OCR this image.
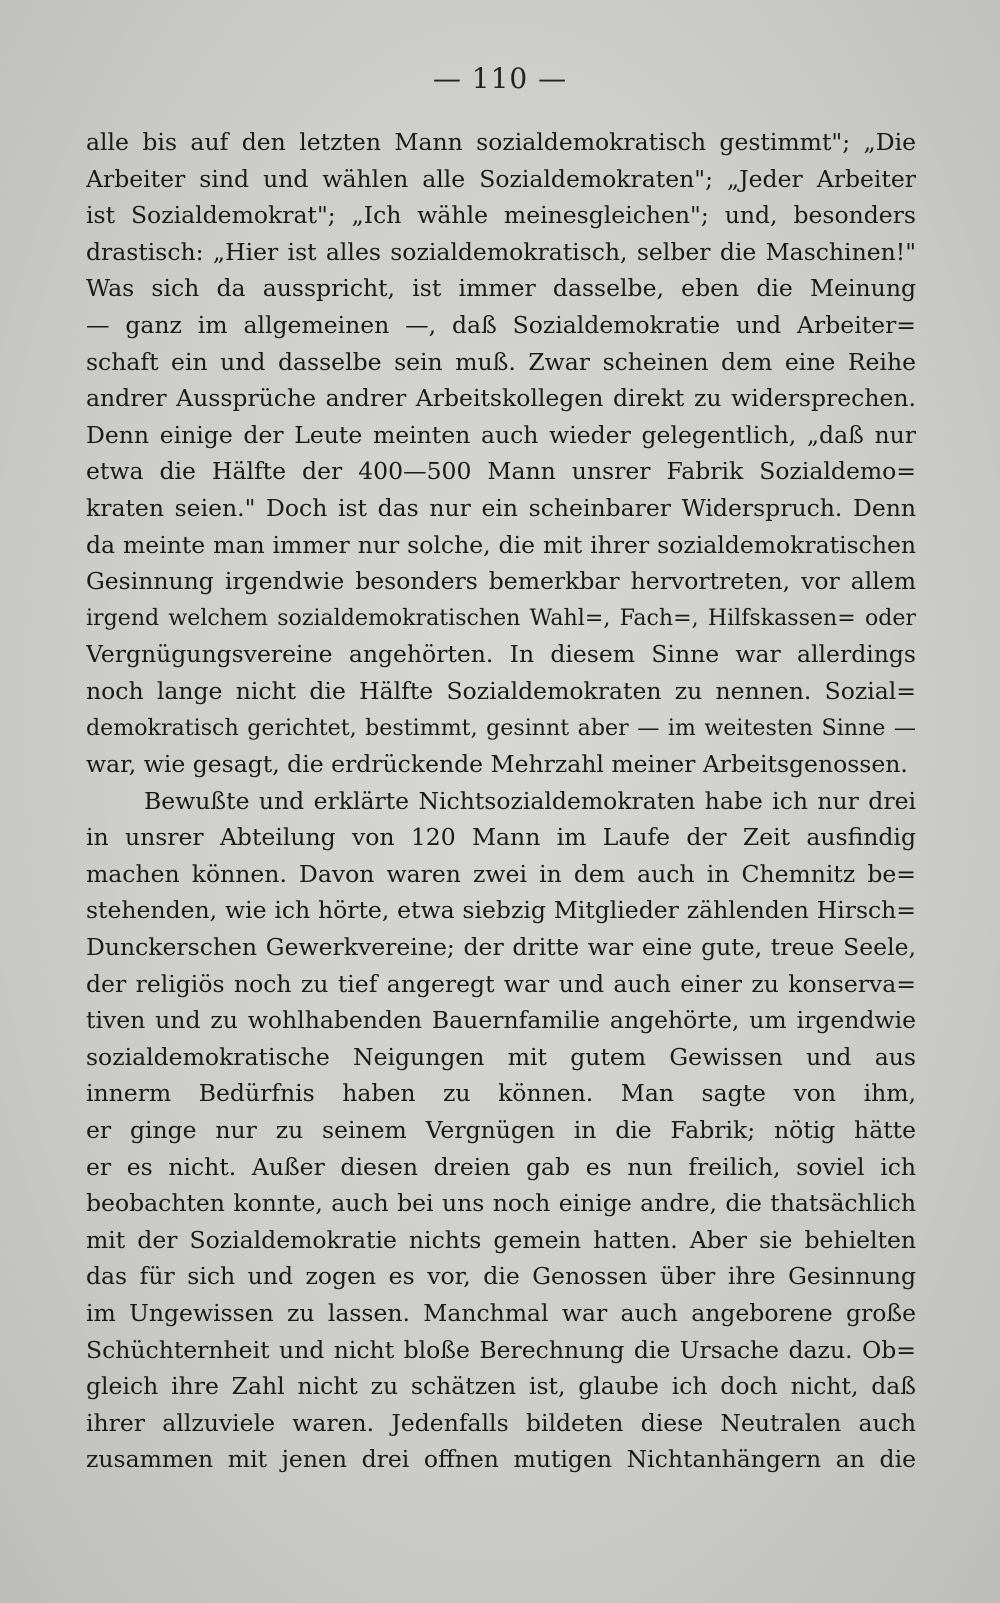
— 110 —
alle bis auf den letzten Mann sozialdemokratisch gestimmt"; „Die
Arbeiter sind und wählen alle Sozialdemokraten"; „Jeder Arbeiter
ist Sozialdemokrat"; „Ich wähle meinesgleichen"; und, besonders
drastisch: „Hier ist alles sozialdemokratisch, selber die Maschinen!"
Was sich da ausspricht, ist immer dasselbe, eben die Meinung
— ganz im allgemeinen —, daß Sozialdemokratie und Arbeiter=
schaft ein und dasselbe sein muß. Zwar scheinen dem eine Reihe
andrer Aussprüche andrer Arbeitskollegen direkt zu widersprechen.
Denn einige der Leute meinten auch wieder gelegentlich, „daß nur
etwa die Hälfte der 400—500 Mann unsrer Fabrik Sozialdemo=
kraten seien." Doch ist das nur ein scheinbarer Widerspruch. Denn
da meinte man immer nur solche, die mit ihrer sozialdemokratischen
Gesinnung irgendwie besonders bemerkbar hervortreten, vor allem
irgend welchem sozialdemokratischen Wahl=, Fach=, Hilfskassen= oder
Vergnügungsvereine angehörten. In diesem Sinne war allerdings
noch lange nicht die Hälfte Sozialdemokraten zu nennen. Sozial=
demokratisch gerichtet, bestimmt, gesinnt aber — im weitesten Sinne —
war, wie gesagt, die erdrückende Mehrzahl meiner Arbeitsgenossen.
Bewußte und erklärte Nichtsozialdemokraten habe ich nur drei
in unsrer Abteilung von 120 Mann im Laufe der Zeit ausfindig
machen können. Davon waren zwei in dem auch in Chemnitz be=
stehenden, wie ich hörte, etwa siebzig Mitglieder zählenden Hirsch=
Dunckerschen Gewerkvereine; der dritte war eine gute, treue Seele,
der religiös noch zu tief angeregt war und auch einer zu konserva=
tiven und zu wohlhabenden Bauernfamilie angehörte, um irgendwie
sozialdemokratische Neigungen mit gutem Gewissen und aus
innerm Bedürfnis haben zu können. Man sagte von ihm,
er ginge nur zu seinem Vergnügen in die Fabrik; nötig hätte
er es nicht. Außer diesen dreien gab es nun freilich, soviel ich
beobachten konnte, auch bei uns noch einige andre, die thatsächlich
mit der Sozialdemokratie nichts gemein hatten. Aber sie behielten
das für sich und zogen es vor, die Genossen über ihre Gesinnung
im Ungewissen zu lassen. Manchmal war auch angeborene große
Schüchternheit und nicht bloße Berechnung die Ursache dazu. Ob=
gleich ihre Zahl nicht zu schätzen ist, glaube ich doch nicht, daß
ihrer allzuviele waren. Jedenfalls bildeten diese Neutralen auch
zusammen mit jenen drei offnen mutigen Nichtanhängern an die
